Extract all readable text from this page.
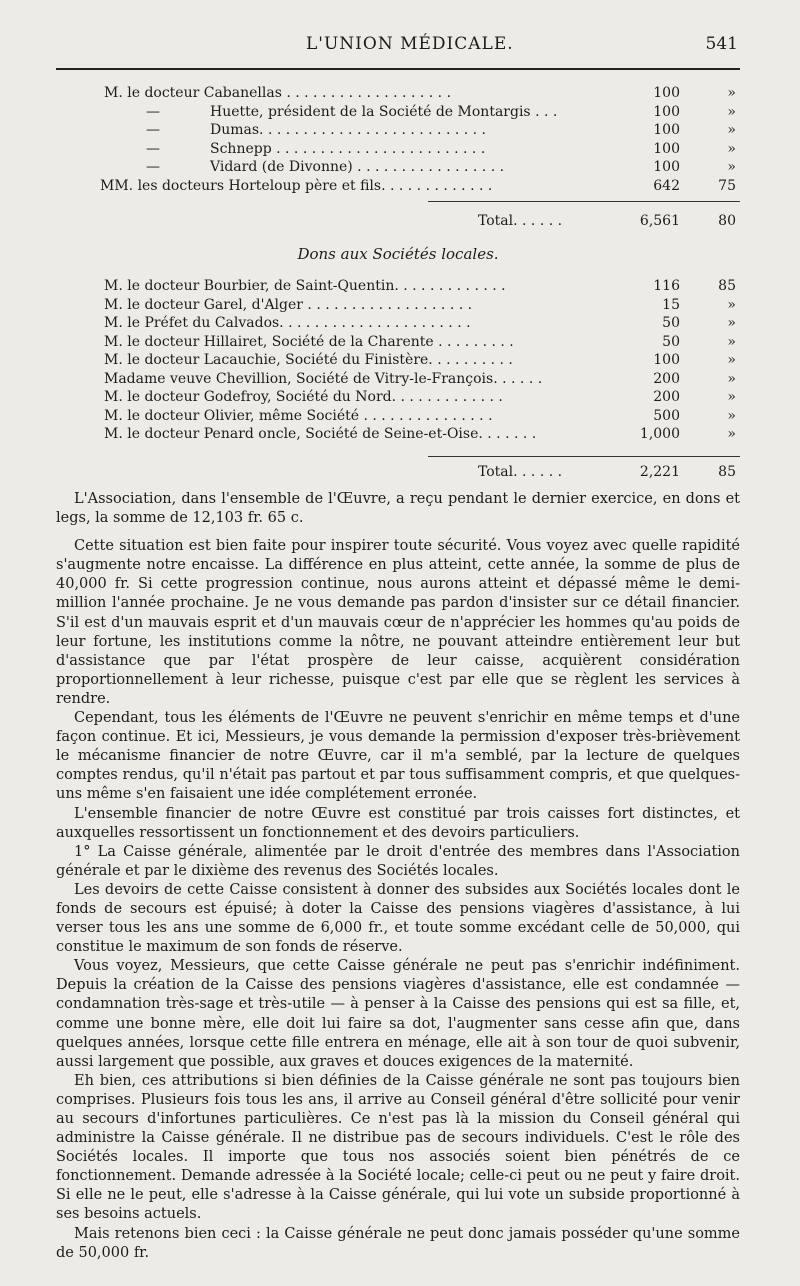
L'UNION MÉDICALE.	541
M. le docteur Cabanellas . . . . . . . . . . . . . . . . . . .	100	»
—	Huette, président de la Société de Montargis . . .	100	»
—	Dumas. . . . . . . . . . . . . . . . . . . . . . . . . .	100	»
—	Schnepp . . . . . . . . . . . . . . . . . . . . . . . .	100	»
—	Vidard (de Divonne) . . . . . . . . . . . . . . . . .	100	»
MM. les docteurs Horteloup père et fils. . . . . . . . . . . . .	642	75
Total. . . . . .	6,561	80
Dons aux Sociétés locales.
M. le docteur Bourbier, de Saint-Quentin. . . . . . . . . . . . .	116	85
M. le docteur Garel, d'Alger . . . . . . . . . . . . . . . . . . .	15	»
M. le Préfet du Calvados. . . . . . . . . . . . . . . . . . . . . .	50	»
M. le docteur Hillairet, Société de la Charente . . . . . . . . .	50	»
M. le docteur Lacauchie, Société du Finistère. . . . . . . . . .	100	»
Madame veuve Chevillion, Société de Vitry-le-François. . . . . .	200	»
M. le docteur Godefroy, Société du Nord. . . . . . . . . . . . .	200	»
M. le docteur Olivier, même Société . . . . . . . . . . . . . . .	500	»
M. le docteur Penard oncle, Société de Seine-et-Oise. . . . . . .	1,000	»
Total. . . . . .	2,221	85

L'Association, dans l'ensemble de l'Œuvre, a reçu pendant le dernier exercice, en dons et legs, la somme de 12,103 fr. 65 c.

Cette situation est bien faite pour inspirer toute sécurité. Vous voyez avec quelle rapidité s'augmente notre encaisse. La différence en plus atteint, cette année, la somme de plus de 40,000 fr. Si cette progression continue, nous aurons atteint et dépassé même le demi-million l'année prochaine. Je ne vous demande pas pardon d'insister sur ce détail financier. S'il est d'un mauvais esprit et d'un mauvais cœur de n'apprécier les hommes qu'au poids de leur fortune, les institutions comme la nôtre, ne pouvant atteindre entièrement leur but d'assistance que par l'état prospère de leur caisse, acquièrent considération proportionnellement à leur richesse, puisque c'est par elle que se règlent les services à rendre.

Cependant, tous les éléments de l'Œuvre ne peuvent s'enrichir en même temps et d'une façon continue. Et ici, Messieurs, je vous demande la permission d'exposer très-brièvement le mécanisme financier de notre Œuvre, car il m'a semblé, par la lecture de quelques comptes rendus, qu'il n'était pas partout et par tous suffisamment compris, et que quelques-uns même s'en faisaient une idée complétement erronée.

L'ensemble financier de notre Œuvre est constitué par trois caisses fort distinctes, et auxquelles ressortissent un fonctionnement et des devoirs particuliers.

1° La Caisse générale, alimentée par le droit d'entrée des membres dans l'Association générale et par le dixième des revenus des Sociétés locales.

Les devoirs de cette Caisse consistent à donner des subsides aux Sociétés locales dont le fonds de secours est épuisé; à doter la Caisse des pensions viagères d'assistance, à lui verser tous les ans une somme de 6,000 fr., et toute somme excédant celle de 50,000, qui constitue le maximum de son fonds de réserve.

Vous voyez, Messieurs, que cette Caisse générale ne peut pas s'enrichir indéfiniment. Depuis la création de la Caisse des pensions viagères d'assistance, elle est condamnée — condamnation très-sage et très-utile — à penser à la Caisse des pensions qui est sa fille, et, comme une bonne mère, elle doit lui faire sa dot, l'augmenter sans cesse afin que, dans quelques années, lorsque cette fille entrera en ménage, elle ait à son tour de quoi subvenir, aussi largement que possible, aux graves et douces exigences de la maternité.

Eh bien, ces attributions si bien définies de la Caisse générale ne sont pas toujours bien comprises. Plusieurs fois tous les ans, il arrive au Conseil général d'être sollicité pour venir au secours d'infortunes particulières. Ce n'est pas là la mission du Conseil général qui administre la Caisse générale. Il ne distribue pas de secours individuels. C'est le rôle des Sociétés locales. Il importe que tous nos associés soient bien pénétrés de ce fonctionnement. Demande adressée à la Société locale; celle-ci peut ou ne peut y faire droit. Si elle ne le peut, elle s'adresse à la Caisse générale, qui lui vote un subside proportionné à ses besoins actuels.

Mais retenons bien ceci : la Caisse générale ne peut donc jamais posséder qu'une somme de 50,000 fr.
